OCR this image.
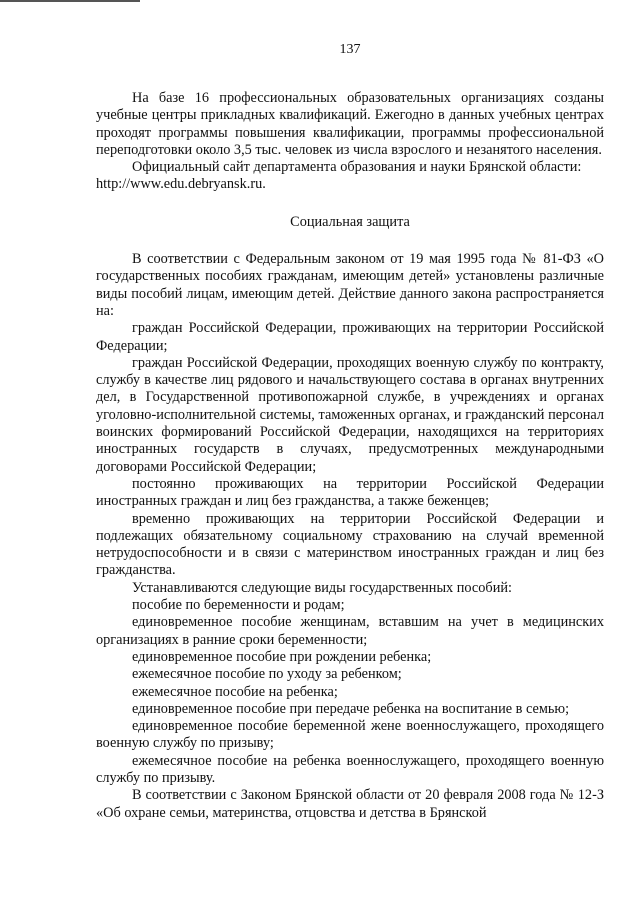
137

На базе 16 профессиональных образовательных организациях созданы учебные центры прикладных квалификаций. Ежегодно в данных учебных центрах проходят программы повышения квалификации, программы профессиональной переподготовки около 3,5 тыс. человек из числа взрослого и незанятого населения.

Официальный сайт департамента образования и науки Брянской области:

http://www.edu.debryansk.ru.

Социальная защита

В соответствии с Федеральным законом от 19 мая 1995 года № 81-ФЗ «О государственных пособиях гражданам, имеющим детей» установлены различные виды пособий лицам, имеющим детей. Действие данного закона распространяется на:

граждан Российской Федерации, проживающих на территории Российской Федерации;

граждан Российской Федерации, проходящих военную службу по контракту, службу в качестве лиц рядового и начальствующего состава в органах внутренних дел, в Государственной противопожарной службе, в учреждениях и органах уголовно-исполнительной системы, таможенных органах, и гражданский персонал воинских формирований Российской Федерации, находящихся на территориях иностранных государств в случаях, предусмотренных международными договорами Российской Федерации;

постоянно проживающих на территории Российской Федерации иностранных граждан и лиц без гражданства, а также беженцев;

временно проживающих на территории Российской Федерации и подлежащих обязательному социальному страхованию на случай временной нетрудоспособности и в связи с материнством иностранных граждан и лиц без гражданства.

Устанавливаются следующие виды государственных пособий:

пособие по беременности и родам;

единовременное пособие женщинам, вставшим на учет в медицинских организациях в ранние сроки беременности;

единовременное пособие при рождении ребенка;

ежемесячное пособие по уходу за ребенком;

ежемесячное пособие на ребенка;

единовременное пособие при передаче ребенка на воспитание в семью;

единовременное пособие беременной жене военнослужащего, проходящего военную службу по призыву;

ежемесячное пособие на ребенка военнослужащего, проходящего военную службу по призыву.

В соответствии с Законом Брянской области от 20 февраля 2008 года № 12-З «Об охране семьи, материнства, отцовства и детства в Брянской
